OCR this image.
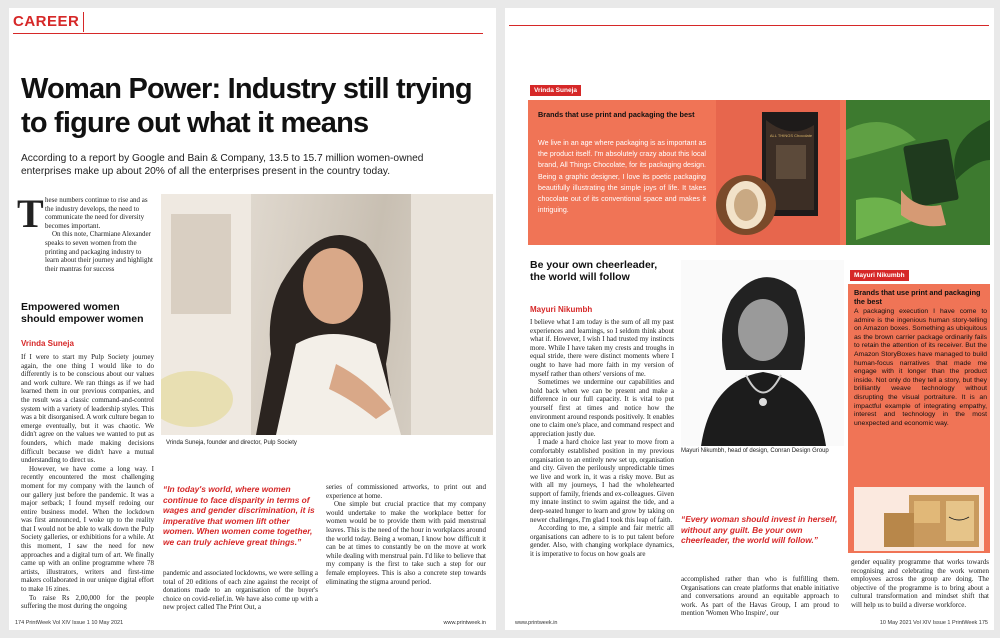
CAREER
Woman Power: Industry still trying to figure out what it means
According to a report by Google and Bain & Company, 13.5 to 15.7 million women-owned enterprises make up about 20% of all the enterprises present in the country today.
T hese numbers continue to rise and as the industry develops, the need to communicate the need for diversity becomes important.
On this note, Charmiane Alexander speaks to seven women from the printing and packaging industry to learn about their journey and highlight their mantras for success

Empowered women should empower women
Vrinda Suneja

If I were to start my Pulp Society journey again, the one thing I would like to do differently is to be conscious about our values and work culture. We ran things as if we had learned them in our previous companies, and the result was a classic command-and-control system with a variety of leadership styles. This was a bit disorganised. A work culture began to emerge eventually, but it was chaotic. We didn't agree on the values we wanted to put as founders, which made making decisions difficult because we didn't have a mutual understanding to direct us.

However, we have come a long way. I recently encountered the most challenging moment for my company with the launch of our gallery just before the pandemic. It was a major setback; I found myself redoing our entire business model. When the lockdown was first announced, I woke up to the reality that I would not be able to walk down the Pulp Society galleries, or exhibitions for a while. At this moment, I saw the need for new approaches and a digital turn of art. We finally came up with an online programme where 78 artists, illustrators, writers and first-time makers collaborated in our unique digital effort to make 16 zines.

To raise Rs 2,00,000 for the people suffering the most during the ongoing

Vrinda Suneja, founder and director, Pulp Society
“In today's world, where women continue to face disparity in terms of wages and gender discrimination, it is imperative that women lift other women. When women come together, we can truly achieve great things.”

pandemic and associated lockdowns, we were selling a total of 20 editions of each zine against the receipt of donations made to an organisation of the buyer's choice on covid-relief.in. We have also come up with a new project called The Print Out, a

series of commissioned artworks, to print out and experience at home.

One simple but crucial practice that my company would undertake to make the workplace better for women would be to provide them with paid menstrual leaves. This is the need of the hour in workplaces around the world today. Being a woman, I know how difficult it can be at times to constantly be on the move at work while dealing with menstrual pain. I'd like to believe that my company is the first to take such a step for our female employees. This is also a concrete step towards eliminating the stigma around period.

174 PrintWeek Vol XIV Issue 1 10 May 2021	www.printweek.in
Vrinda Suneja
Brands that use print and packaging the best
We live in an age where packaging is as important as the product itself. I'm absolutely crazy about this local brand, All Things Chocolate, for its packaging design. Being a graphic designer, I love its poetic packaging beautifully illustrating the simple joys of life. It takes chocolate out of its conventional space and makes it intriguing.
ALL THINGS Chocolate
Be your own cheerleader, the world will follow
Mayuri Nikumbh

I believe what I am today is the sum of all my past experiences and learnings, so I seldom think about what if. However, I wish I had trusted my instincts more. While I have taken my crests and troughs in equal stride, there were distinct moments where I ought to have had more faith in my version of myself rather than others' versions of me.

Sometimes we undermine our capabilities and hold back when we can be present and make a difference in our full capacity. It is vital to put yourself first at times and notice how the environment around responds positively. It enables one to claim one's place, and command respect and appreciation justly due.

I made a hard choice last year to move from a comfortably established position in my previous organisation to an entirely new set up, organisation and city. Given the perilously unpredictable times we live and work in, it was a risky move. But as with all my journeys, I had the wholehearted support of family, friends and ex-colleagues. Given my innate instinct to swim against the tide, and a deep-seated hunger to learn and grow by taking on newer challenges, I'm glad I took this leap of faith.

According to me, a simple and fair metric all organisations can adhere to is to put talent before gender. Also, with changing workplace dynamics, it is imperative to focus on how goals are

Mayuri Nikumbh, head of design, Conran Design Group
“Every woman should invest in herself, without any guilt. Be your own cheerleader, the world will follow.”

accomplished rather than who is fulfilling them. Organisations can create platforms that enable initiative and conversations around an equitable approach to work. As part of the Havas Group, I am proud to mention 'Women Who Inspire', our

Mayuri Nikumbh
Brands that use print and packaging the best
A packaging execution I have come to admire is the ingenious human story-telling on Amazon boxes. Something as ubiquitous as the brown carrier package ordinarily fails to retain the attention of its receiver. But the Amazon StoryBoxes have managed to build human-focus narratives that made me engage with it longer than the product inside. Not only do they tell a story, but they brilliantly weave technology without disrupting the visual portraiture. It is an impactful example of integrating empathy, interest and technology in the most unexpected and economic way.

gender equality programme that works towards recognising and celebrating the work women employees across the group are doing. The objective of the programme is to bring about a cultural transformation and mindset shift that will help us to build a diverse workforce.

www.printweek.in	10 May 2021 Vol XIV Issue 1 PrintWeek 175
